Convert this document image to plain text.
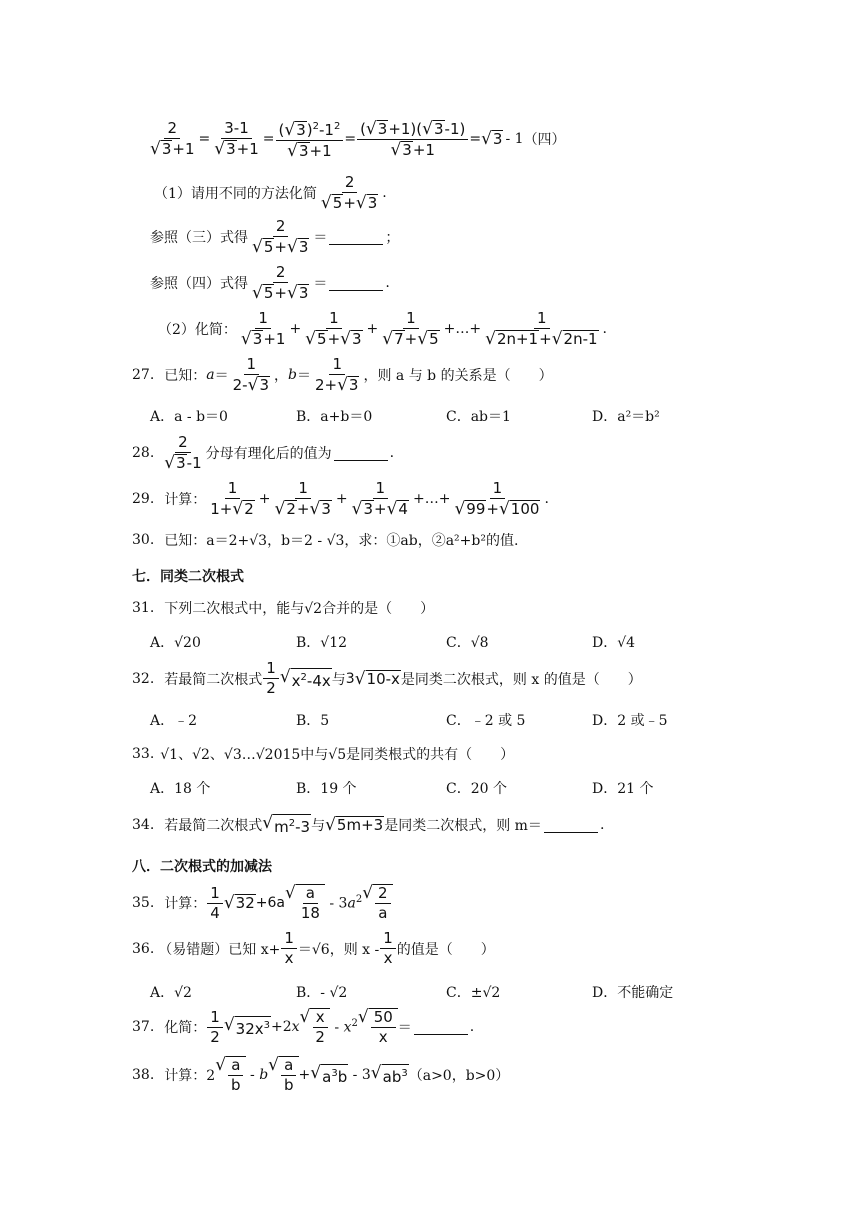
$\frac{2}{√ 3 +1} = \frac{3-1}{√ 3 +1} = \frac{( √ 3 )^2-1^2}{√ 3 +1} = \frac{( √ 3 +1)( √ 3 -1)}{√ 3 +1}$ = √ 3 - 1 （四）
（1）请用不同的方法化简 $\frac{2}{√ 5 + √ 3}$ .
参照（三）式得 $\frac{2}{√ 5 + √ 3}$ ＝	；
参照（四）式得 $\frac{2}{√ 5 + √ 3}$ ＝	.
（2）化简： $\frac{1}{√ 3 +1} + \frac{1}{√ 5 + √ 3} + \frac{1}{√ 7 + √ 5}$ +…+ $\frac{1}{√ 2n+1 + √ 2n-1}$ .
27. 已知： $a = \frac{1}{2- √ 3}$ ， $b = \frac{1}{2+ √ 3}$ ，则 a 与 b 的关系是（　　）
A．a - b＝0	B．a+b＝0	C．ab＝1	D．a²＝b²
28. $\frac{2}{√ 3 -1}$ 分母有理化后的值为	.
29. 计算： $\frac{1}{1+ √ 2} + \frac{1}{√ 2 + √ 3} + \frac{1}{√ 3 + √ 4}$ +…+ $\frac{1}{√ 99 + √ 100}$ .
30. 已知：a＝2+√3，b＝2 - √3，求：①ab，②a²+b²的值.
七．同类二次根式
31. 下列二次根式中，能与√2合并的是（　　）
A．√20	B．√12	C．√8	D．√4
32. 若最简二次根式 $\frac{1}{2}$ √ $x^2-4x$ 与 3 √ 10-x 是同类二次根式，则 x 的值是（　　）
A．﹣2	B．5	C．﹣2 或 5	D．2 或﹣5
33. √1、√2、√3…√2015中与√5是同类根式的共有（　　）
A．18 个	B．19 个	C．20 个	D．21 个
34. 若最简二次根式 √ $m^2-3$ 与 √ 5m+3 是同类二次根式，则 m＝	.
八．二次根式的加减法
35. 计算： $\frac{1}{4}$ √ 32 +6a √ $\frac{a}{18} - 3a^2$ √ $\frac{2}{a}$
36. （易错题）已知 $x+ \frac{1}{x} =√6$，则 x - $\frac{1}{x}$ 的值是（　　）
A．√2	B．- √2	C．±√2	D．不能确定
37. 化简： $\frac{1}{2}$ √ $32x^3 +2x$ √ $\frac{x}{2} - x^2$ √ $\frac{50}{x}$ ＝	.
38. 计算：2
√ $\frac{a}{b}$ - b √ $\frac{a}{b}$ + √ $a^3b - 3$ √ $ab^3$ （a>0，b>0）
